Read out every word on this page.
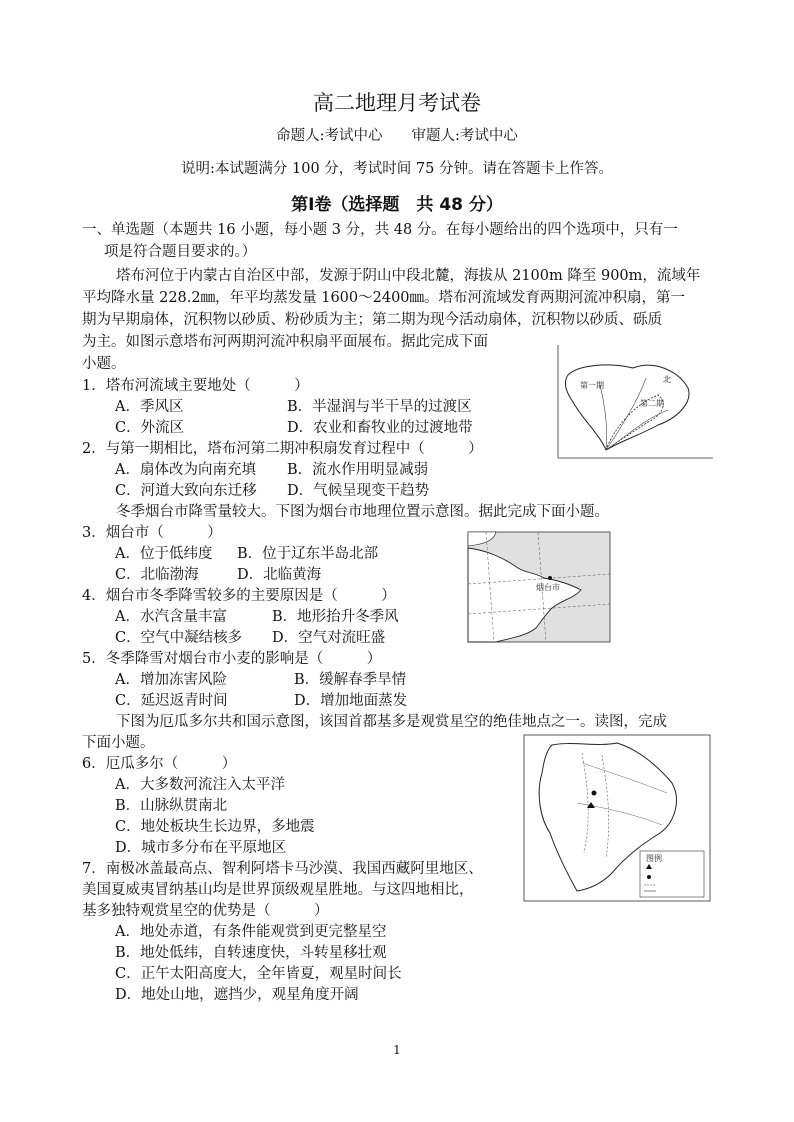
高二地理月考试卷
命题人:考试中心　　审题人:考试中心
说明:本试题满分 100 分，考试时间 75 分钟。请在答题卡上作答。
第Ⅰ卷（选择题　共 48 分）
一、单选题（本题共 16 小题，每小题 3 分，共 48 分。在每小题给出的四个选项中，只有一
项是符合题目要求的。）
塔布河位于内蒙古自治区中部，发源于阴山中段北麓，海拔从 2100m 降至 900m，流域年
平均降水量 228.2㎜，年平均蒸发量 1600～2400㎜。塔布河流域发育两期河流冲积扇，第一
期为早期扇体，沉积物以砂质、粉砂质为主；第二期为现今活动扇体，沉积物以砂质、砾质
为主。如图示意塔布河两期河流冲积扇平面展布。据此完成下面
小题。
1．塔布河流域主要地处（　　　）
A．季风区	B．半湿润与半干旱的过渡区
C．外流区	D．农业和畜牧业的过渡地带
2．与第一期相比，塔布河第二期冲积扇发育过程中（　　　）
A．扇体改为向南充填 B．流水作用明显减弱
C．河道大致向东迁移 D．气候呈现变干趋势
冬季烟台市降雪量较大。下图为烟台市地理位置示意图。据此完成下面小题。
3．烟台市（　　　）
A．位于低纬度 B．位于辽东半岛北部
C．北临渤海	D．北临黄海
4．烟台市冬季降雪较多的主要原因是（　　　）
A．水汽含量丰富	B．地形抬升冬季风
C．空气中凝结核多 D．空气对流旺盛
5．冬季降雪对烟台市小麦的影响是（　　　）
A．增加冻害风险	B．缓解春季旱情
C．延迟返青时间	D．增加地面蒸发
下图为厄瓜多尔共和国示意图，该国首都基多是观赏星空的绝佳地点之一。读图，完成
下面小题。
6．厄瓜多尔（　　　）
A．大多数河流注入太平洋
B．山脉纵贯南北
C．地处板块生长边界，多地震
D．城市多分布在平原地区
7．南极冰盖最高点、智利阿塔卡马沙漠、我国西藏阿里地区、
美国夏威夷冒纳基山均是世界顶级观星胜地。与这四地相比，
基多独特观赏星空的优势是（　　　）
A．地处赤道，有条件能观赏到更完整星空
B．地处低纬，自转速度快，斗转星移壮观
C．正午太阳高度大，全年皆夏，观星时间长
D．地处山地，遮挡少，观星角度开阔
北
第一期
第二期
烟台市
图例
1
